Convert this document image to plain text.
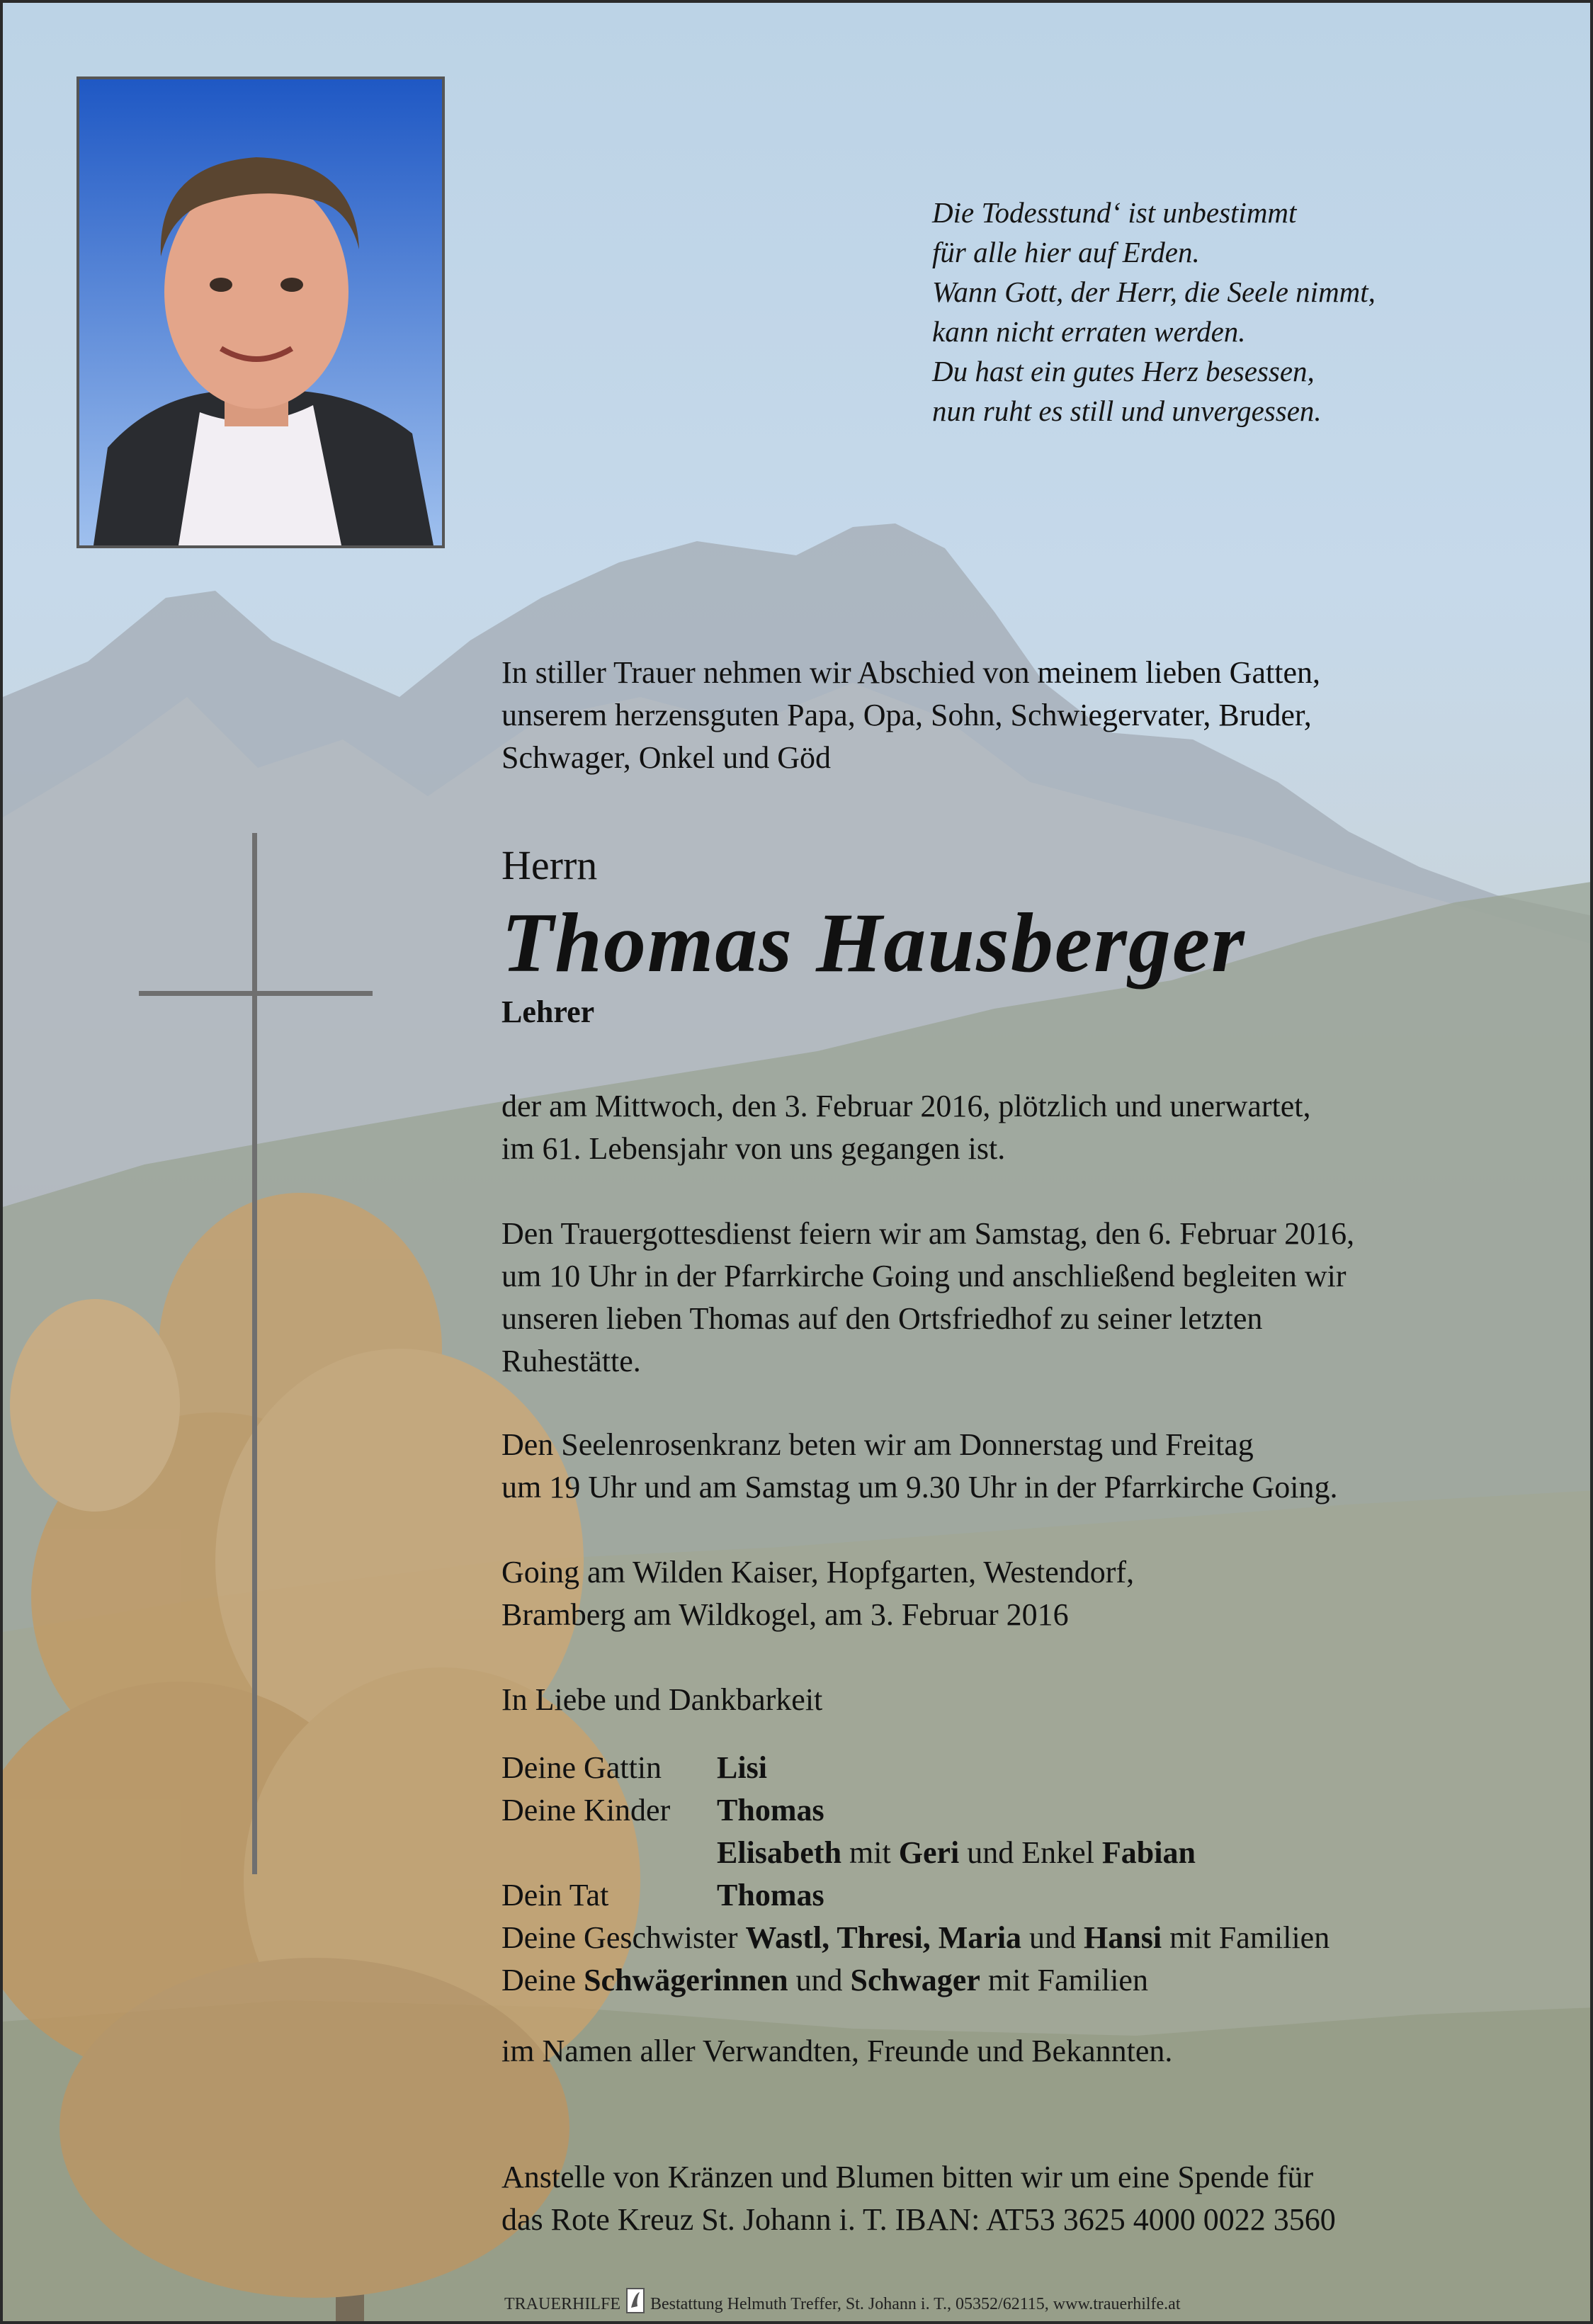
Die Todesstund‘ ist unbestimmt
für alle hier auf Erden.
Wann Gott, der Herr, die Seele nimmt,
kann nicht erraten werden.
Du hast ein gutes Herz besessen,
nun ruht es still und unvergessen.
In stiller Trauer nehmen wir Abschied von meinem lieben Gatten,
unserem herzensguten Papa, Opa, Sohn, Schwiegervater, Bruder,
Schwager, Onkel und Göd
Herrn
Thomas Hausberger
Lehrer
der am Mittwoch, den 3. Februar 2016, plötzlich und unerwartet,
im 61. Lebensjahr von uns gegangen ist.
Den Trauergottesdienst feiern wir am Samstag, den 6. Februar 2016,
um 10 Uhr in der Pfarrkirche Going und anschließend begleiten wir
unseren lieben Thomas auf den Ortsfriedhof zu seiner letzten
Ruhestätte.
Den Seelenrosenkranz beten wir am Donnerstag und Freitag
um 19 Uhr und am Samstag um 9.30 Uhr in der Pfarrkirche Going.
Going am Wilden Kaiser, Hopfgarten, Westendorf,
Bramberg am Wildkogel, am 3. Februar 2016
In Liebe und Dankbarkeit
Deine Gattin Lisi
Deine Kinder Thomas
Elisabeth mit Geri und Enkel Fabian
Dein Tat	Thomas
Deine Geschwister Wastl, Thresi, Maria und Hansi mit Familien
Deine Schwägerinnen und Schwager mit Familien
im Namen aller Verwandten, Freunde und Bekannten.
Anstelle von Kränzen und Blumen bitten wir um eine Spende für
das Rote Kreuz St. Johann i. T. IBAN: AT53 3625 4000 0022 3560
TRAUERHILFE Bestattung Helmuth Treffer, St. Johann i. T., 05352/62115, www.trauerhilfe.at
